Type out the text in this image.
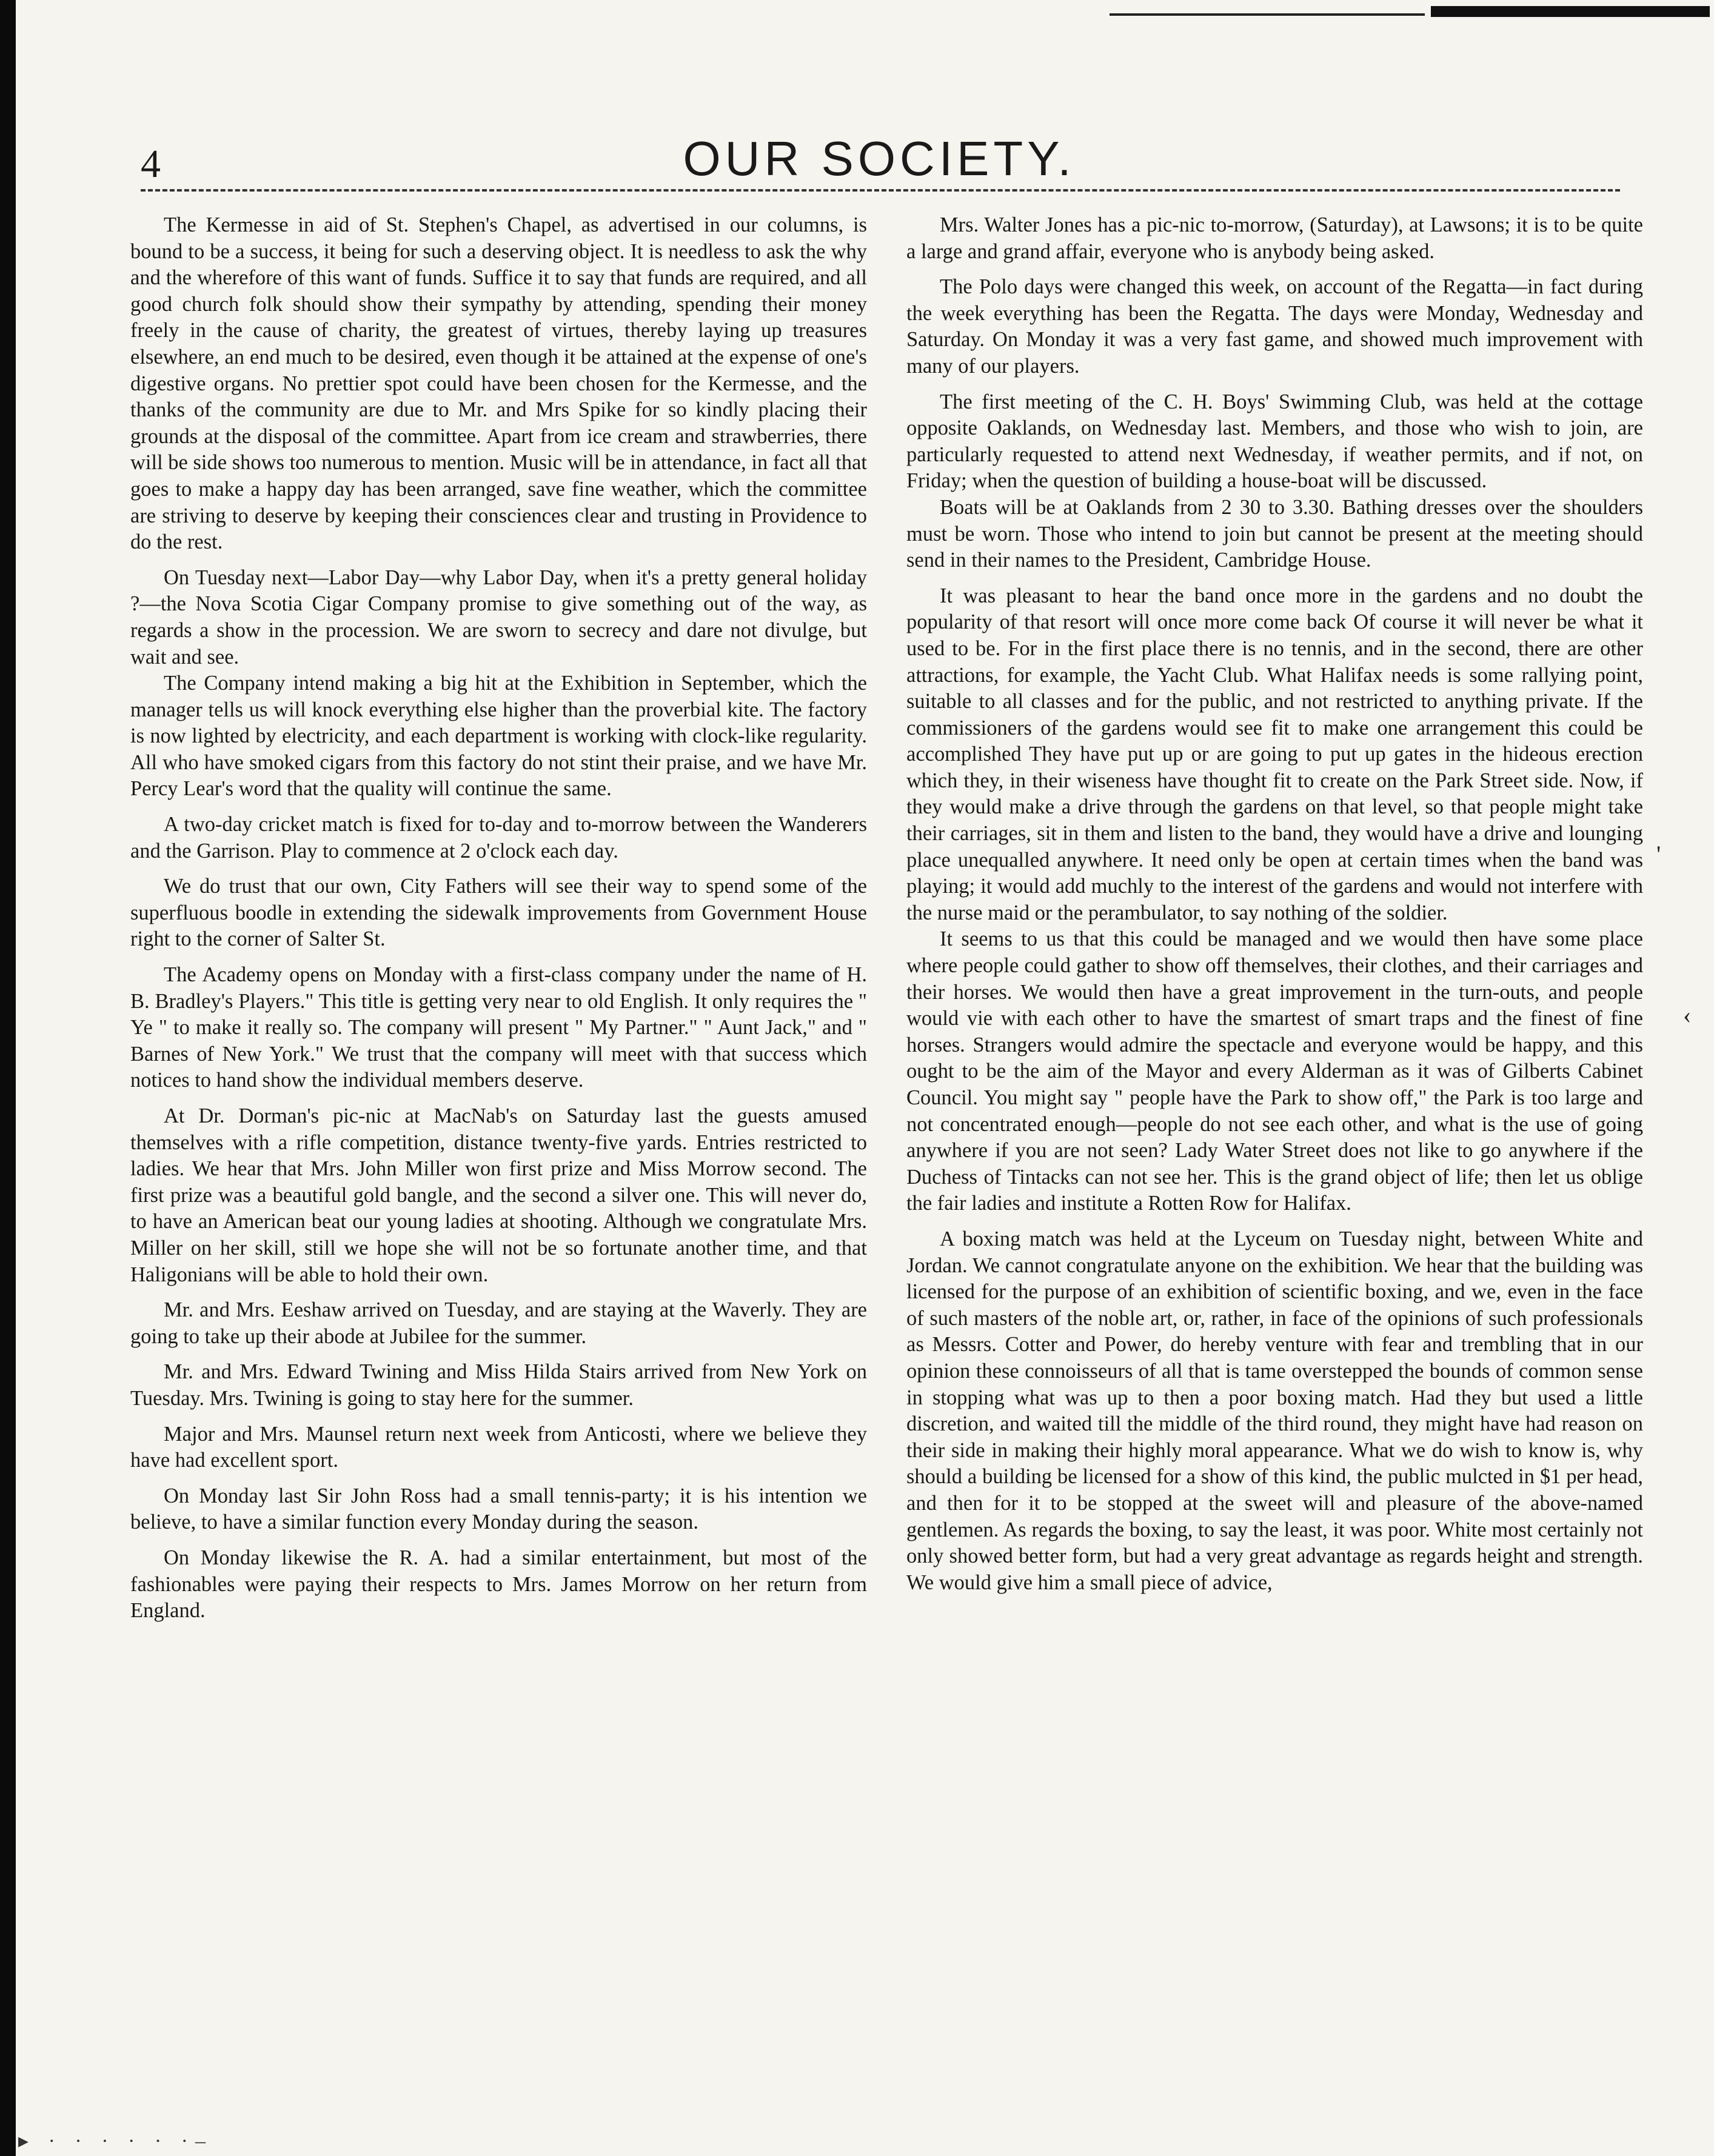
4	OUR SOCIETY.

The Kermesse in aid of St. Stephen's Chapel, as advertised in our columns, is bound to be a success, it being for such a deserving object. It is needless to ask the why and the wherefore of this want of funds. Suffice it to say that funds are required, and all good church folk should show their sympathy by attending, spending their money freely in the cause of charity, the greatest of virtues, thereby laying up treasures elsewhere, an end much to be desired, even though it be attained at the expense of one's digestive organs. No prettier spot could have been chosen for the Kermesse, and the thanks of the community are due to Mr. and Mrs Spike for so kindly placing their grounds at the disposal of the committee. Apart from ice cream and strawberries, there will be side shows too numerous to mention. Music will be in attendance, in fact all that goes to make a happy day has been arranged, save fine weather, which the committee are striving to deserve by keeping their consciences clear and trusting in Providence to do the rest.

On Tuesday next—Labor Day—why Labor Day, when it's a pretty general holiday ?—the Nova Scotia Cigar Company promise to give something out of the way, as regards a show in the procession. We are sworn to secrecy and dare not divulge, but wait and see.

The Company intend making a big hit at the Exhibition in September, which the manager tells us will knock everything else higher than the proverbial kite. The factory is now lighted by electricity, and each department is working with clock-like regularity. All who have smoked cigars from this factory do not stint their praise, and we have Mr. Percy Lear's word that the quality will continue the same.

A two-day cricket match is fixed for to-day and to-morrow between the Wanderers and the Garrison. Play to commence at 2 o'clock each day.

We do trust that our own, City Fathers will see their way to spend some of the superfluous boodle in extending the sidewalk improvements from Government House right to the corner of Salter St.

The Academy opens on Monday with a first-class company under the name of H. B. Bradley's Players." This title is getting very near to old English. It only requires the " Ye " to make it really so. The company will present " My Partner." " Aunt Jack," and " Barnes of New York." We trust that the company will meet with that success which notices to hand show the individual members deserve.

At Dr. Dorman's pic-nic at MacNab's on Saturday last the guests amused themselves with a rifle competition, distance twenty-five yards. Entries restricted to ladies. We hear that Mrs. John Miller won first prize and Miss Morrow second. The first prize was a beautiful gold bangle, and the second a silver one. This will never do, to have an American beat our young ladies at shooting. Although we congratulate Mrs. Miller on her skill, still we hope she will not be so fortunate another time, and that Haligonians will be able to hold their own.

Mr. and Mrs. Eeshaw arrived on Tuesday, and are staying at the Waverly. They are going to take up their abode at Jubilee for the summer.

Mr. and Mrs. Edward Twining and Miss Hilda Stairs arrived from New York on Tuesday. Mrs. Twining is going to stay here for the summer.

Major and Mrs. Maunsel return next week from Anticosti, where we believe they have had excellent sport.

On Monday last Sir John Ross had a small tennis-party; it is his intention we believe, to have a similar function every Monday during the season.

On Monday likewise the R. A. had a similar entertainment, but most of the fashionables were paying their respects to Mrs. James Morrow on her return from England.

Mrs. Walter Jones has a pic-nic to-morrow, (Saturday), at Lawsons; it is to be quite a large and grand affair, everyone who is anybody being asked.

The Polo days were changed this week, on account of the Regatta—in fact during the week everything has been the Regatta. The days were Monday, Wednesday and Saturday. On Monday it was a very fast game, and showed much improvement with many of our players.

The first meeting of the C. H. Boys' Swimming Club, was held at the cottage opposite Oaklands, on Wednesday last. Members, and those who wish to join, are particularly requested to attend next Wednesday, if weather permits, and if not, on Friday; when the question of building a house-boat will be discussed.

Boats will be at Oaklands from 2 30 to 3.30. Bathing dresses over the shoulders must be worn. Those who intend to join but cannot be present at the meeting should send in their names to the President, Cambridge House.

It was pleasant to hear the band once more in the gardens and no doubt the popularity of that resort will once more come back Of course it will never be what it used to be. For in the first place there is no tennis, and in the second, there are other attractions, for example, the Yacht Club. What Halifax needs is some rallying point, suitable to all classes and for the public, and not restricted to anything private. If the commissioners of the gardens would see fit to make one arrangement this could be accomplished They have put up or are going to put up gates in the hideous erection which they, in their wiseness have thought fit to create on the Park Street side. Now, if they would make a drive through the gardens on that level, so that people might take their carriages, sit in them and listen to the band, they would have a drive and lounging place unequalled anywhere. It need only be open at certain times when the band was playing; it would add muchly to the interest of the gardens and would not interfere with the nurse maid or the perambulator, to say nothing of the soldier.

It seems to us that this could be managed and we would then have some place where people could gather to show off themselves, their clothes, and their carriages and their horses. We would then have a great improvement in the turn-outs, and people would vie with each other to have the smartest of smart traps and the finest of fine horses. Strangers would admire the spectacle and everyone would be happy, and this ought to be the aim of the Mayor and every Alderman as it was of Gilberts Cabinet Council. You might say " people have the Park to show off," the Park is too large and not concentrated enough—people do not see each other, and what is the use of going anywhere if you are not seen? Lady Water Street does not like to go anywhere if the Duchess of Tintacks can not see her. This is the grand object of life; then let us oblige the fair ladies and institute a Rotten Row for Halifax.

A boxing match was held at the Lyceum on Tuesday night, between White and Jordan. We cannot congratulate anyone on the exhibition. We hear that the building was licensed for the purpose of an exhibition of scientific boxing, and we, even in the face of such masters of the noble art, or, rather, in face of the opinions of such professionals as Messrs. Cotter and Power, do hereby venture with fear and trembling that in our opinion these connoisseurs of all that is tame overstepped the bounds of common sense in stopping what was up to then a poor boxing match. Had they but used a little discretion, and waited till the middle of the third round, they might have had reason on their side in making their highly moral appearance. What we do wish to know is, why should a building be licensed for a show of this kind, the public mulcted in $1 per head, and then for it to be stopped at the sweet will and pleasure of the above-named gentlemen. As regards the boxing, to say the least, it was poor. White most certainly not only showed better form, but had a very great advantage as regards height and strength. We would give him a small piece of advice,

'
‹
▸ · · · · · ·–
